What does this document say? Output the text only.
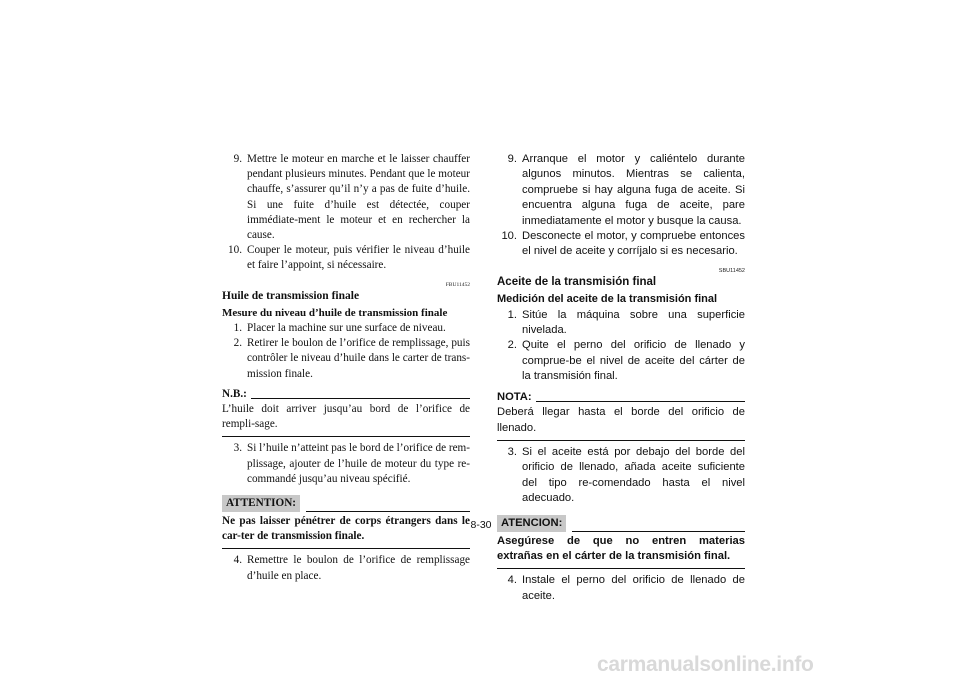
9. Mettre le moteur en marche et le laisser chauffer pendant plusieurs minutes. Pendant que le moteur chauffe, s’assurer qu’il n’y a pas de fuite d’huile. Si une fuite d’huile est détectée, couper immédiate-ment le moteur et en rechercher la cause.
10. Couper le moteur, puis vérifier le niveau d’huile et faire l’appoint, si nécessaire.
FBU11452
Huile de transmission finale
Mesure du niveau d’huile de transmission finale
1. Placer la machine sur une surface de niveau.
2. Retirer le boulon de l’orifice de remplissage, puis contrôler le niveau d’huile dans le carter de trans-mission finale.
N.B.:
L’huile doit arriver jusqu’au bord de l’orifice de rempli-sage.
3. Si l’huile n’atteint pas le bord de l’orifice de rem-plissage, ajouter de l’huile de moteur du type re-commandé jusqu’au niveau spécifié.
ATTENTION:
Ne pas laisser pénétrer de corps étrangers dans le car-ter de transmission finale.
4. Remettre le boulon de l’orifice de remplissage d’huile en place.
9. Arranque el motor y caliéntelo durante algunos minutos. Mientras se calienta, compruebe si hay alguna fuga de aceite. Si encuentra alguna fuga de aceite, pare inmediatamente el motor y busque la causa.
10. Desconecte el motor, y compruebe entonces el nivel de aceite y corríjalo si es necesario.
SBU11452
Aceite de la transmisión final
Medición del aceite de la transmisión final
1. Sitúe la máquina sobre una superficie nivelada.
2. Quite el perno del orificio de llenado y comprue-be el nivel de aceite del cárter de la transmisión final.
NOTA:
Deberá llegar hasta el borde del orificio de llenado.
3. Si el aceite está por debajo del borde del orificio de llenado, añada aceite suficiente del tipo re-comendado hasta el nivel adecuado.
ATENCION:
Asegúrese de que no entren materias extrañas en el cárter de la transmisión final.
4. Instale el perno del orificio de llenado de aceite.
8-30
carmanualsonline.info
